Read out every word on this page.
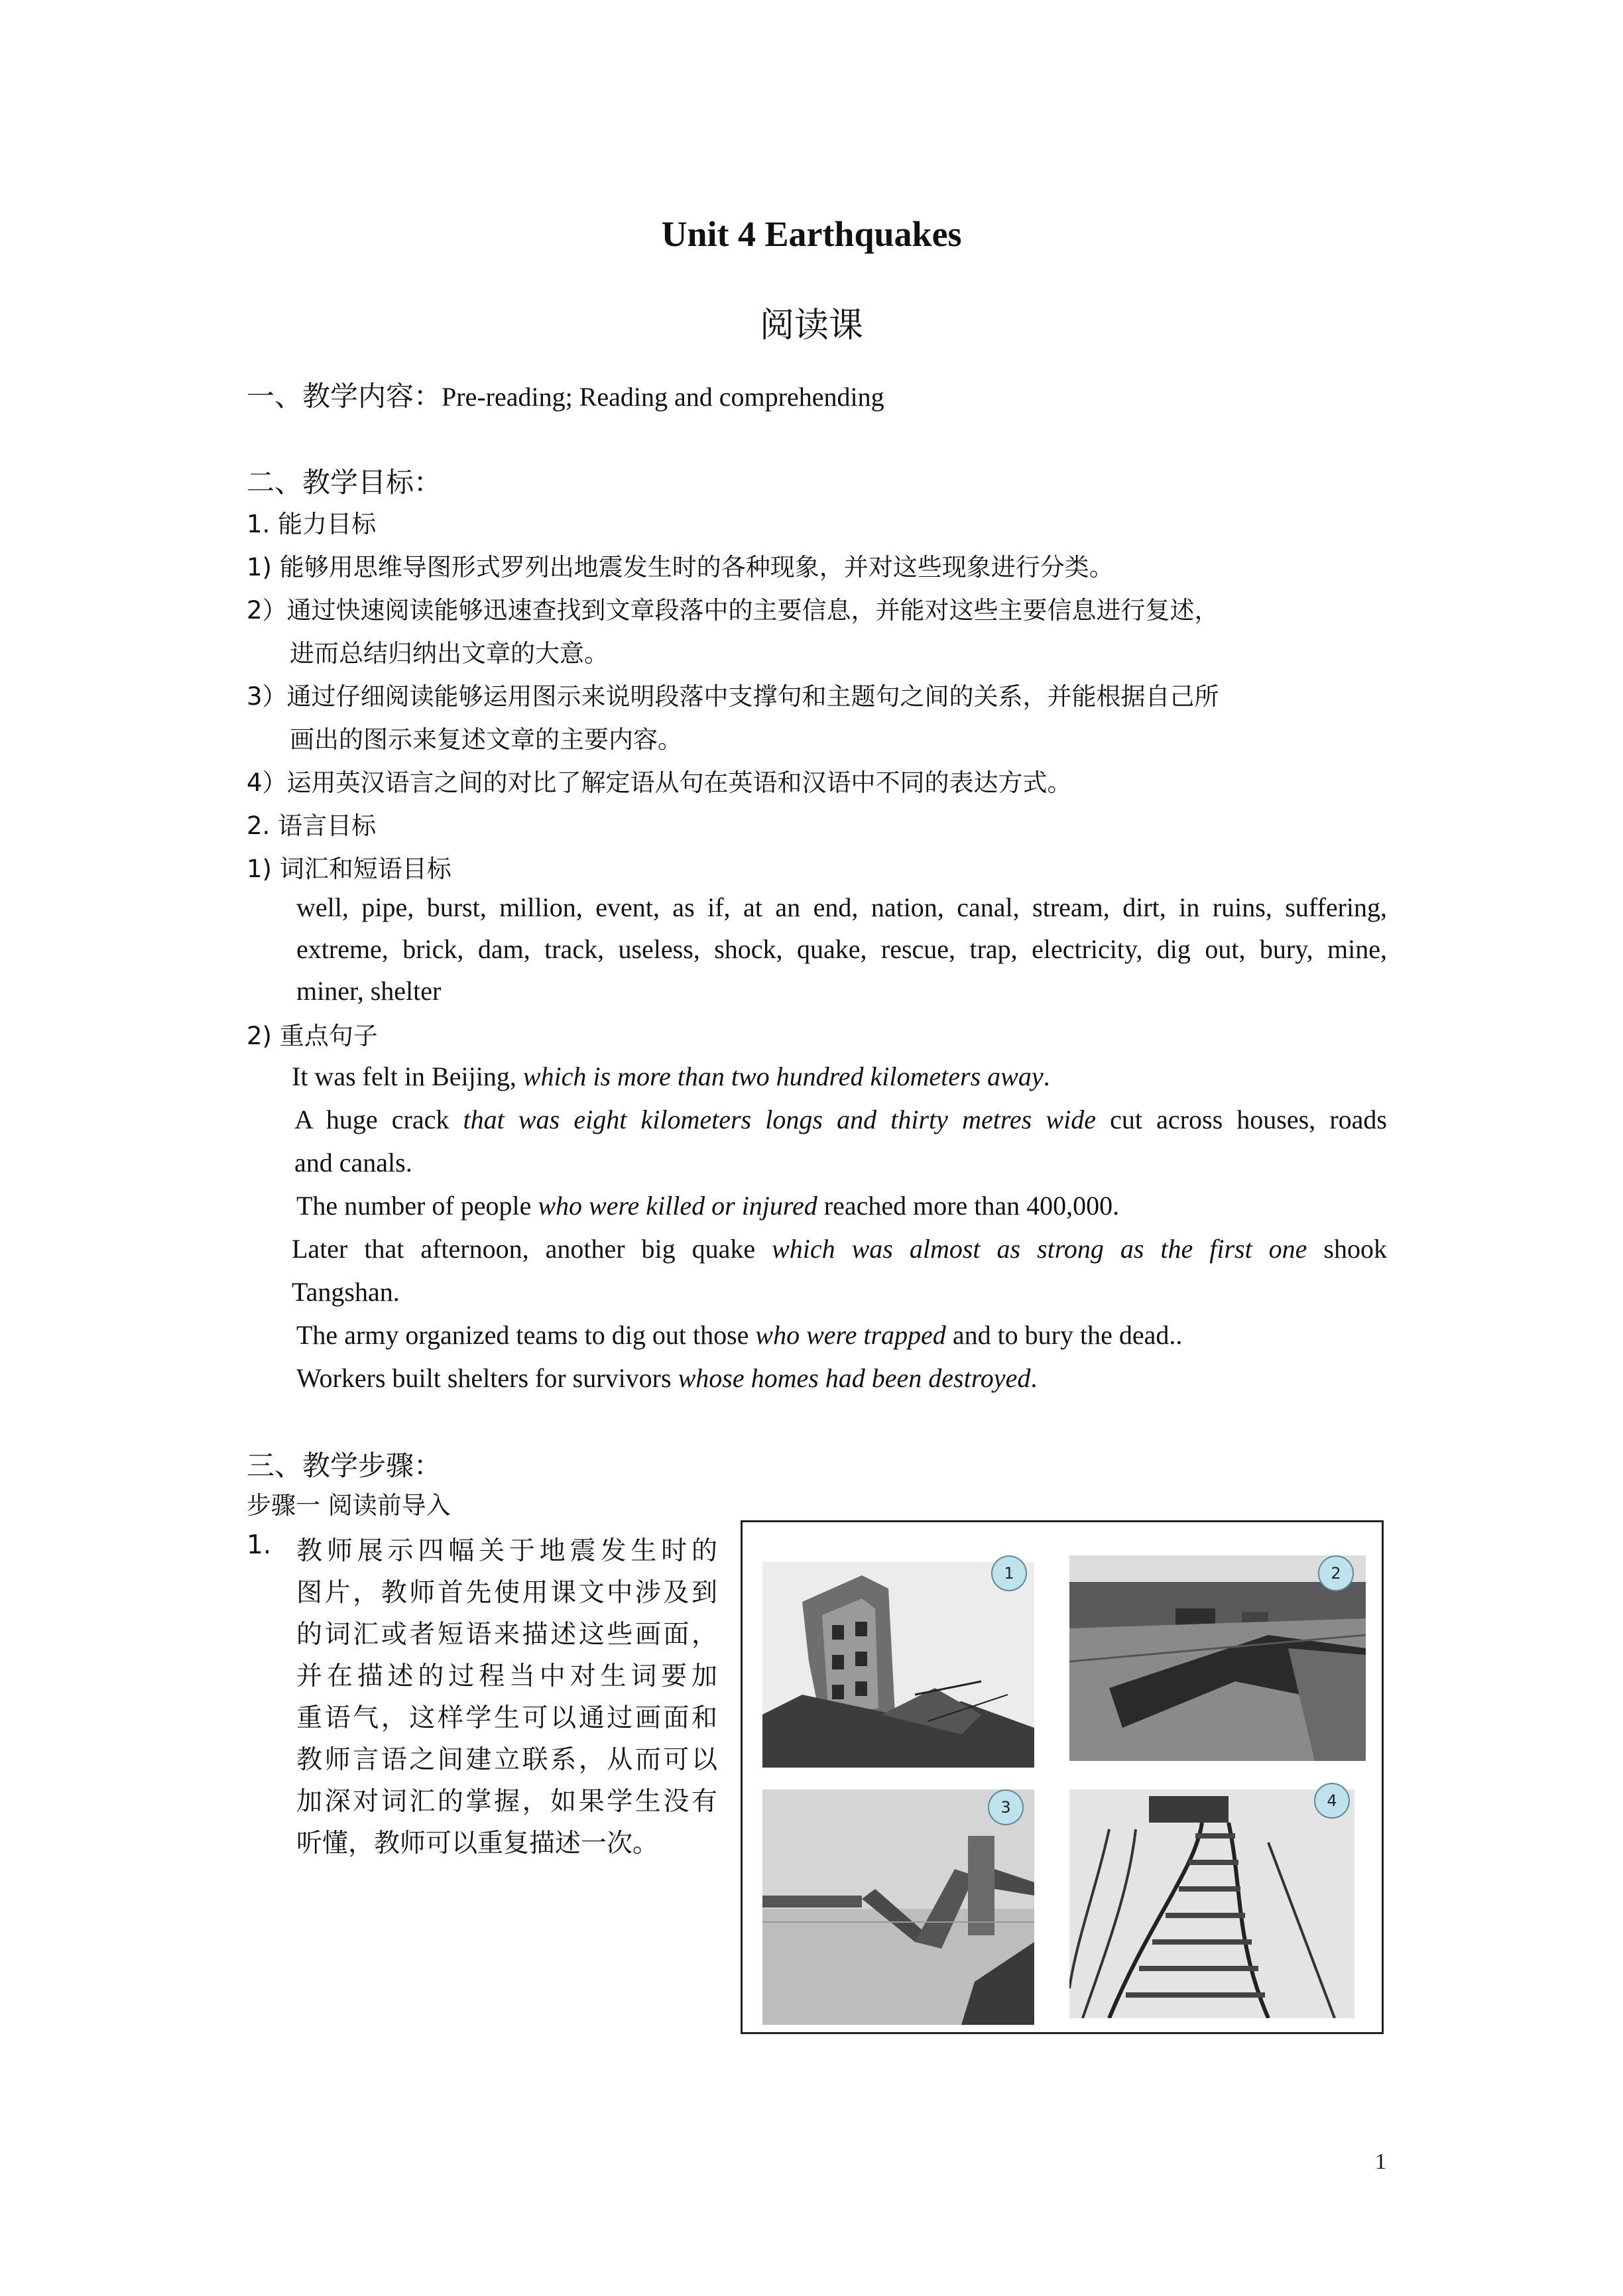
Unit 4 Earthquakes
阅读课
一、教学内容：Pre-reading; Reading and comprehending
二、教学目标：
1. 能力目标
1) 能够用思维导图形式罗列出地震发生时的各种现象，并对这些现象进行分类。
2）通过快速阅读能够迅速查找到文章段落中的主要信息，并能对这些主要信息进行复述，
进而总结归纳出文章的大意。
3）通过仔细阅读能够运用图示来说明段落中支撑句和主题句之间的关系，并能根据自己所
画出的图示来复述文章的主要内容。
4）运用英汉语言之间的对比了解定语从句在英语和汉语中不同的表达方式。
2. 语言目标
1) 词汇和短语目标
well, pipe, burst, million, event, as if, at an end, nation, canal, stream, dirt, in ruins, suffering,
extreme, brick, dam, track, useless, shock, quake, rescue, trap, electricity, dig out, bury, mine,
miner, shelter
2) 重点句子
It was felt in Beijing, which is more than two hundred kilometers away.
A huge crack that was eight kilometers longs and thirty metres wide cut across houses, roads
and canals.
The number of people who were killed or injured reached more than 400,000.
Later that afternoon, another big quake which was almost as strong as the first one shook
Tangshan.
The army organized teams to dig out those who were trapped and to bury the dead..
Workers built shelters for survivors whose homes had been destroyed.
三、教学步骤：
步骤一 阅读前导入
1. 教师展示四幅关于地震发生时的
图片，教师首先使用课文中涉及到
的词汇或者短语来描述这些画面，
并在描述的过程当中对生词要加
重语气，这样学生可以通过画面和
教师言语之间建立联系，从而可以
加深对词汇的掌握，如果学生没有
听懂，教师可以重复描述一次。
1	2
3	4
1
